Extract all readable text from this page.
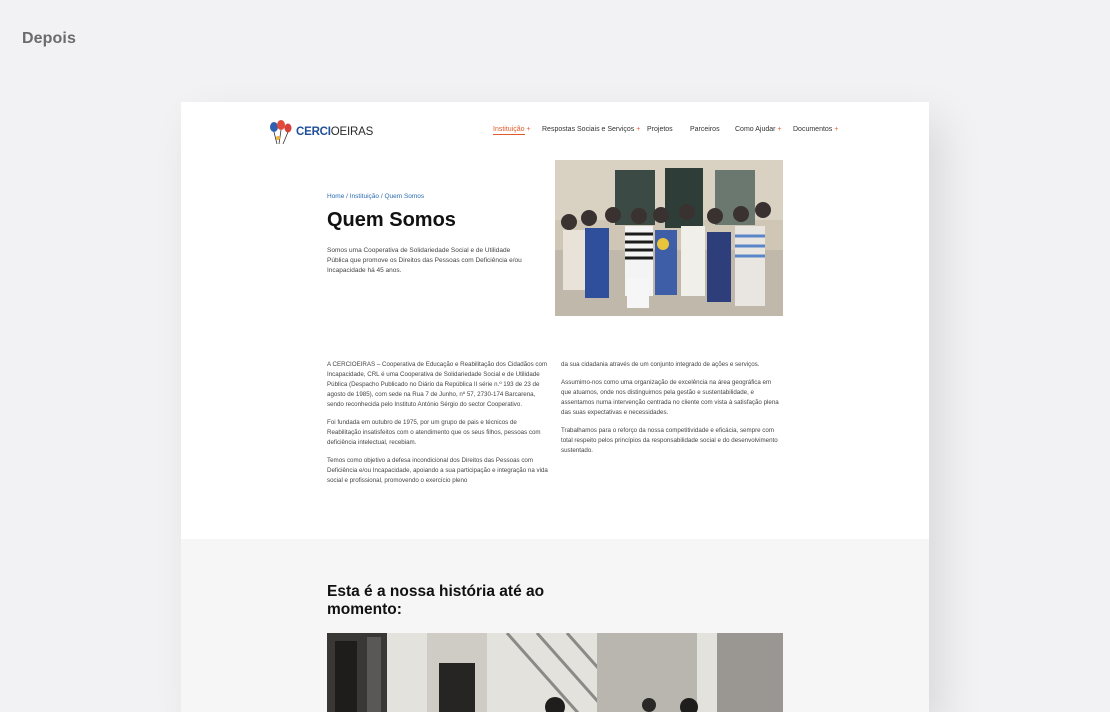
Depois
CERCIOEIRAS	Instituição + Respostas Sociais e Serviços + Projetos Parceiros Como Ajudar + Documentos +
Home / Instituição / Quem Somos
Quem Somos
Somos uma Cooperativa de Solidariedade Social e de Utilidade Pública que promove os Direitos das Pessoas com Deficiência e/ou Incapacidade há 45 anos.

A CERCIOEIRAS – Cooperativa de Educação e Reabilitação dos Cidadãos com Incapacidade, CRL é uma Cooperativa de Solidariedade Social e de Utilidade Pública (Despacho Publicado no Diário da República II série n.º 193 de 23 de agosto de 1985), com sede na Rua 7 de Junho, nº 57, 2730-174 Barcarena, sendo reconhecida pelo Instituto António Sérgio do sector Cooperativo.

Foi fundada em outubro de 1975, por um grupo de pais e técnicos de Reabilitação insatisfeitos com o atendimento que os seus filhos, pessoas com deficiência intelectual, recebiam.

Temos como objetivo a defesa incondicional dos Direitos das Pessoas com Deficiência e/ou Incapacidade, apoiando a sua participação e integração na vida social e profissional, promovendo o exercício pleno

da sua cidadania através de um conjunto integrado de ações e serviços.

Assumimo-nos como uma organização de excelência na área geográfica em que atuamos, onde nos distinguimos pela gestão e sustentabilidade, e assentamos numa intervenção centrada no cliente com vista à satisfação plena das suas expectativas e necessidades.

Trabalhamos para o reforço da nossa competitividade e eficácia, sempre com total respeito pelos princípios da responsabilidade social e do desenvolvimento sustentado.

Esta é a nossa história até ao momento:
